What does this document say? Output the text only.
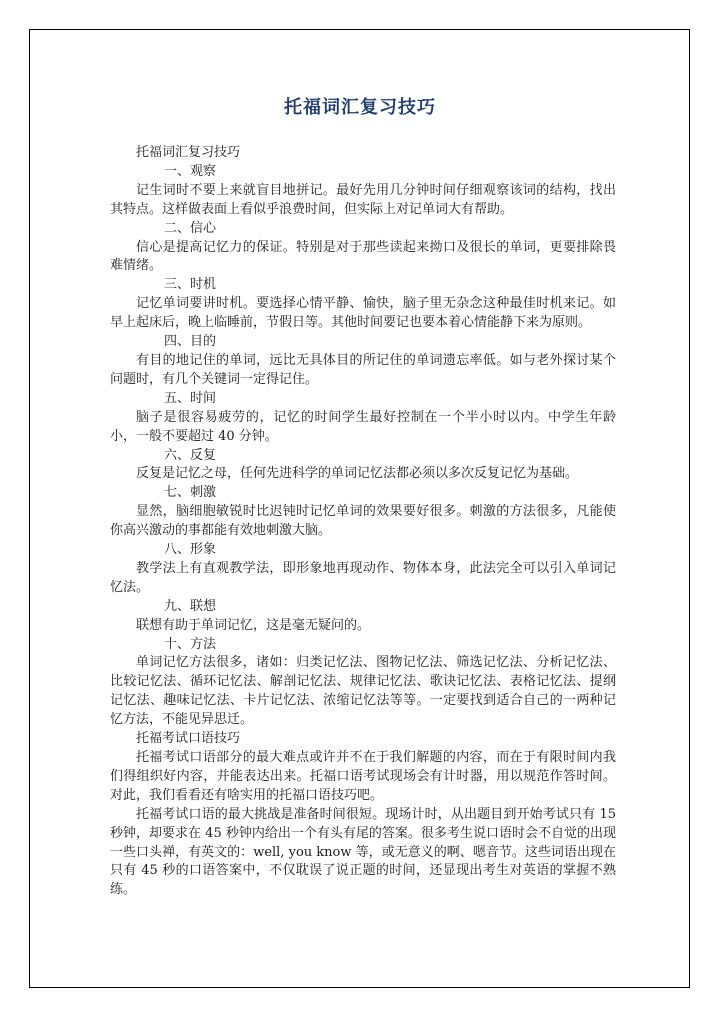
托福词汇复习技巧

托福词汇复习技巧

一、观察

记生词时不要上来就盲目地拼记。最好先用几分钟时间仔细观察该词的结构，找出其特点。这样做表面上看似乎浪费时间，但实际上对记单词大有帮助。

二、信心

信心是提高记忆力的保证。特别是对于那些读起来拗口及很长的单词，更要排除畏难情绪。

三、时机

记忆单词要讲时机。要选择心情平静、愉快，脑子里无杂念这种最佳时机来记。如早上起床后，晚上临睡前，节假日等。其他时间要记也要本着心情能静下来为原则。

四、目的

有目的地记住的单词，远比无具体目的所记住的单词遗忘率低。如与老外探讨某个问题时，有几个关键词一定得记住。

五、时间

脑子是很容易疲劳的，记忆的时间学生最好控制在一个半小时以内。中学生年龄小，一般不要超过 40 分钟。

六、反复

反复是记忆之母，任何先进科学的单词记忆法都必须以多次反复记忆为基础。

七、刺激

显然，脑细胞敏锐时比迟钝时记忆单词的效果要好很多。刺激的方法很多，凡能使你高兴激动的事都能有效地刺激大脑。

八、形象

教学法上有直观教学法，即形象地再现动作、物体本身，此法完全可以引入单词记忆法。

九、联想

联想有助于单词记忆，这是毫无疑问的。

十、方法

单词记忆方法很多，诸如：归类记忆法、图物记忆法、筛选记忆法、分析记忆法、比较记忆法、循环记忆法、解剖记忆法、规律记忆法、歌诀记忆法、表格记忆法、提纲记忆法、趣味记忆法、卡片记忆法、浓缩记忆法等等。一定要找到适合自己的一两种记忆方法，不能见异思迁。

托福考试口语技巧

托福考试口语部分的最大难点或许并不在于我们解题的内容，而在于有限时间内我们得组织好内容，并能表达出来。托福口语考试现场会有计时器，用以规范作答时间。对此，我们看看还有啥实用的托福口语技巧吧。

托福考试口语的最大挑战是准备时间很短。现场计时，从出题目到开始考试只有 15 秒钟，却要求在 45 秒钟内给出一个有头有尾的答案。很多考生说口语时会不自觉的出现一些口头禅，有英文的：well, you know 等，或无意义的啊、嗯音节。这些词语出现在只有 45 秒的口语答案中，不仅耽误了说正题的时间，还显现出考生对英语的掌握不熟练。
